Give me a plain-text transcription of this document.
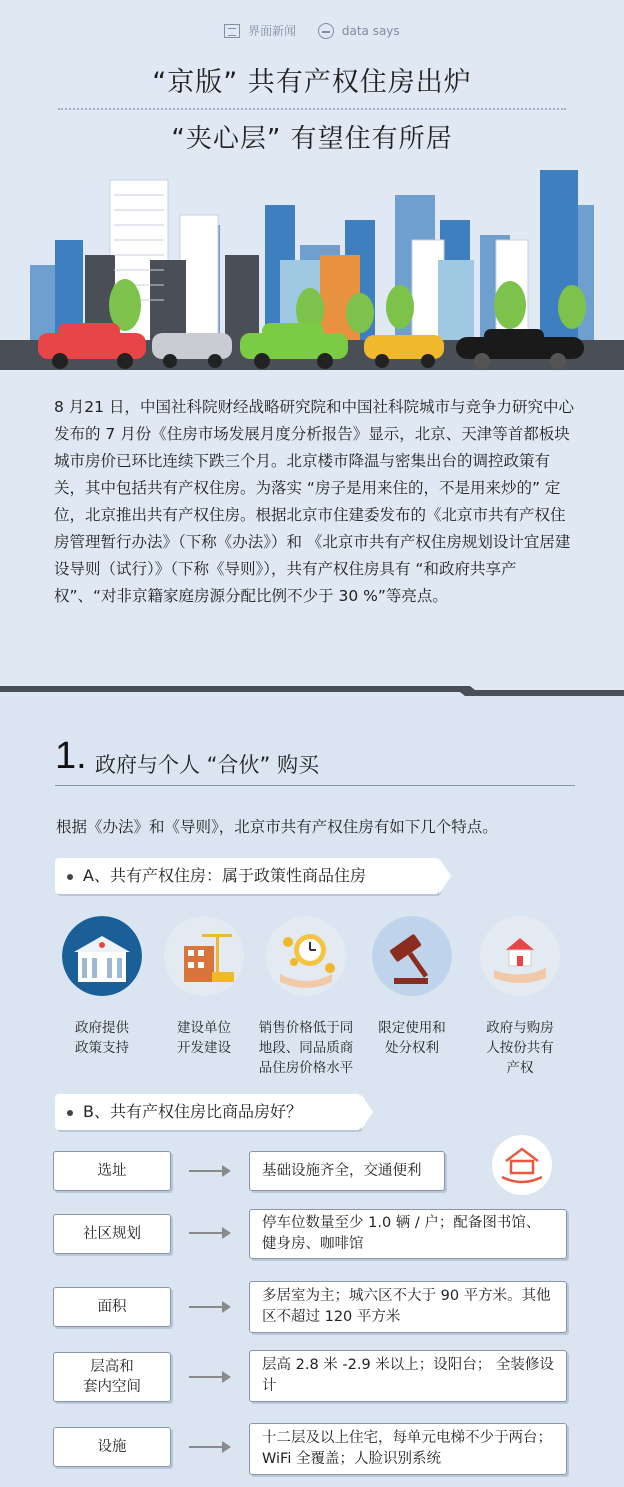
界面新闻	data says
“京版” 共有产权住房出炉
“夹心层” 有望住有所居
8 月21 日，中国社科院财经战略研究院和中国社科院城市与竞争力研究中心发布的 7 月份《住房市场发展月度分析报告》显示，北京、天津等首都板块城市房价已环比连续下跌三个月。北京楼市降温与密集出台的调控政策有关，其中包括共有产权住房。为落实 “房子是用来住的，不是用来炒的” 定位，北京推出共有产权住房。根据北京市住建委发布的《北京市共有产权住房管理暂行办法》（下称《办法》）和 《北京市共有产权住房规划设计宜居建设导则（试行）》（下称《导则》），共有产权住房具有 “和政府共享产权”、“对非京籍家庭房源分配比例不少于 30 %”等亮点。
1. 政府与个人 “合伙” 购买
根据《办法》和《导则》，北京市共有产权住房有如下几个特点。
A、共有产权住房：属于政策性商品住房
政府提供
政策支持
建设单位
开发建设
销售价格低于同
地段、同品质商
品住房价格水平
限定使用和
处分权利
政府与购房
人按份共有
产权
B、共有产权住房比商品房好？
选址	基础设施齐全，交通便利
社区规划
停车位数量至少 1.0 辆 / 户；配备图书馆、健身房、咖啡馆
面积
多居室为主；城六区不大于 90 平方米。其他区不超过 120 平方米
层高和
套内空间
层高 2.8 米 -2.9 米以上；设阳台； 全装修设计
设施
十二层及以上住宅，每单元电梯不少于两台；WiFi 全覆盖；人脸识别系统
